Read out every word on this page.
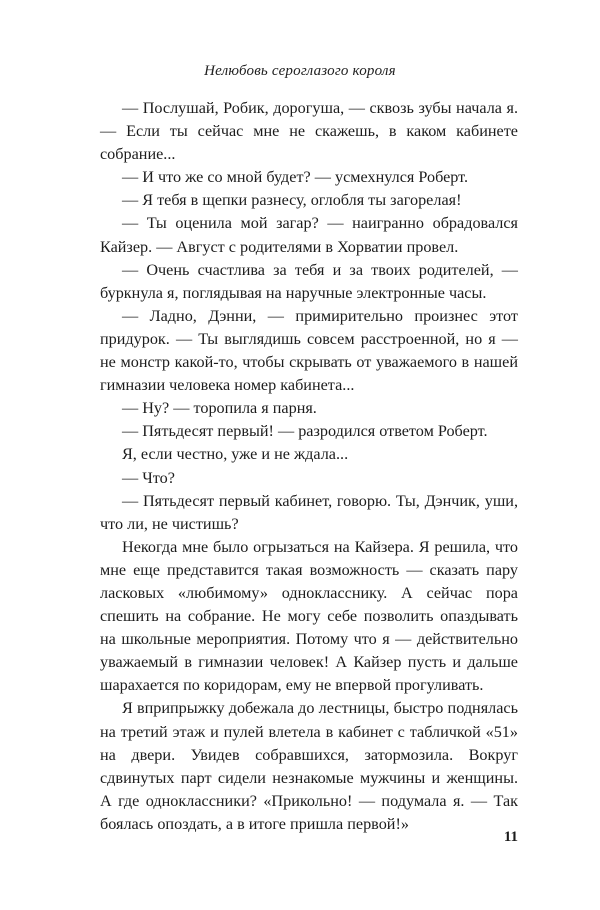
Нелюбовь сероглазого короля

— Послушай, Робик, дорогуша, — сквозь зубы начала я. — Если ты сейчас мне не скажешь, в каком кабинете собрание...

— И что же со мной будет? — усмехнулся Роберт.

— Я тебя в щепки разнесу, оглобля ты загорелая!

— Ты оценила мой загар? — наигранно обрадовался Кайзер. — Август с родителями в Хорватии провел.

— Очень счастлива за тебя и за твоих родителей, — буркнула я, поглядывая на наручные электронные часы.

— Ладно, Дэнни, — примирительно произнес этот придурок. — Ты выглядишь совсем расстроенной, но я — не монстр какой-то, чтобы скрывать от уважаемого в нашей гимназии человека номер кабинета...

— Ну? — торопила я парня.

— Пятьдесят первый! — разродился ответом Роберт.

Я, если честно, уже и не ждала...

— Что?

— Пятьдесят первый кабинет, говорю. Ты, Дэнчик, уши, что ли, не чистишь?

Некогда мне было огрызаться на Кайзера. Я решила, что мне еще представится такая возможность — сказать пару ласковых «любимому» однокласснику. А сейчас пора спешить на собрание. Не могу себе позволить опаздывать на школьные мероприятия. Потому что я — действительно уважаемый в гимназии человек! А Кайзер пусть и дальше шарахается по коридорам, ему не впервой прогуливать.

Я вприпрыжку добежала до лестницы, быстро поднялась на третий этаж и пулей влетела в кабинет с табличкой «51» на двери. Увидев собравшихся, затормозила. Вокруг сдвинутых парт сидели незнакомые мужчины и женщины. А где одноклассники? «Прикольно! — подумала я. — Так боялась опоздать, а в итоге пришла первой!»

11
